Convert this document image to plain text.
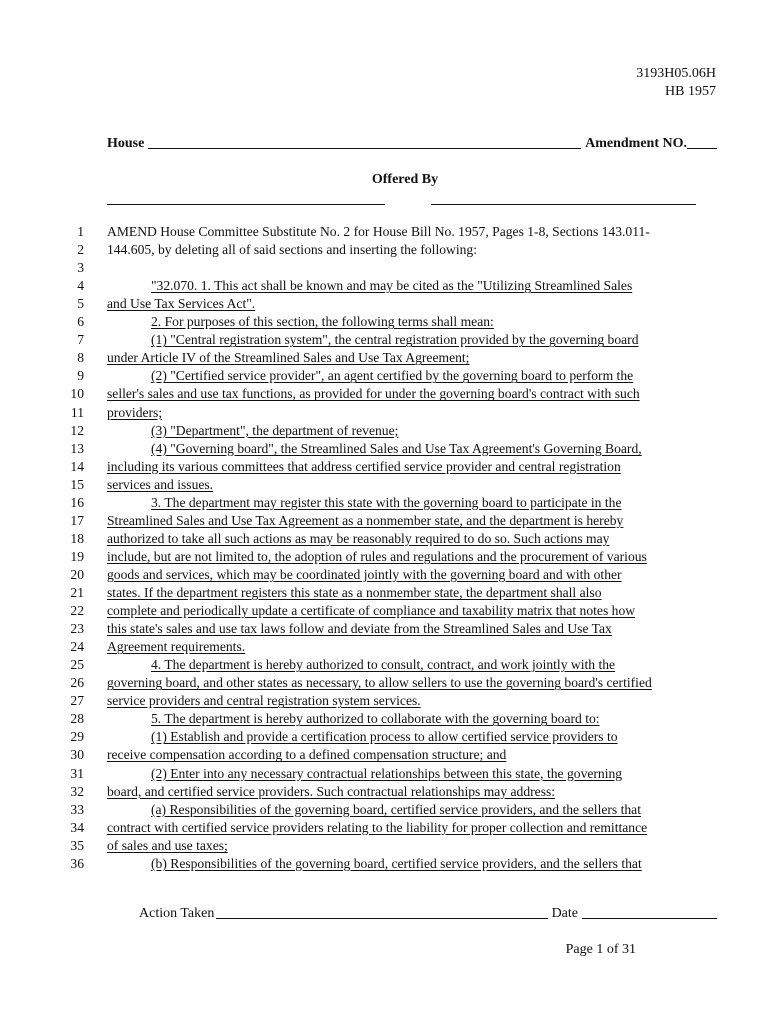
3193H05.06H
HB 1957
House	Amendment NO.
Offered By
1 AMEND House Committee Substitute No. 2 for House Bill No. 1957, Pages 1-8, Sections 143.011-
2 144.605, by deleting all of said sections and inserting the following:
3
4	"32.070. 1. This act shall be known and may be cited as the "Utilizing Streamlined Sales
5 and Use Tax Services Act".
6	2. For purposes of this section, the following terms shall mean:
7	(1) "Central registration system", the central registration provided by the governing board
8 under Article IV of the Streamlined Sales and Use Tax Agreement;
9	(2) "Certified service provider", an agent certified by the governing board to perform the
10 seller's sales and use tax functions, as provided for under the governing board's contract with such
11 providers;
12	(3) "Department", the department of revenue;
13	(4) "Governing board", the Streamlined Sales and Use Tax Agreement's Governing Board,
14 including its various committees that address certified service provider and central registration
15 services and issues.
16	3. The department may register this state with the governing board to participate in the
17 Streamlined Sales and Use Tax Agreement as a nonmember state, and the department is hereby
18 authorized to take all such actions as may be reasonably required to do so. Such actions may
19 include, but are not limited to, the adoption of rules and regulations and the procurement of various
20 goods and services, which may be coordinated jointly with the governing board and with other
21 states. If the department registers this state as a nonmember state, the department shall also
22 complete and periodically update a certificate of compliance and taxability matrix that notes how
23 this state's sales and use tax laws follow and deviate from the Streamlined Sales and Use Tax
24 Agreement requirements.
25	4. The department is hereby authorized to consult, contract, and work jointly with the
26 governing board, and other states as necessary, to allow sellers to use the governing board's certified
27 service providers and central registration system services.
28	5. The department is hereby authorized to collaborate with the governing board to:
29	(1) Establish and provide a certification process to allow certified service providers to
30 receive compensation according to a defined compensation structure; and
31	(2) Enter into any necessary contractual relationships between this state, the governing
32 board, and certified service providers. Such contractual relationships may address:
33	(a) Responsibilities of the governing board, certified service providers, and the sellers that
34 contract with certified service providers relating to the liability for proper collection and remittance
35 of sales and use taxes;
36	(b) Responsibilities of the governing board, certified service providers, and the sellers that
Action Taken	Date
Page 1 of 31
